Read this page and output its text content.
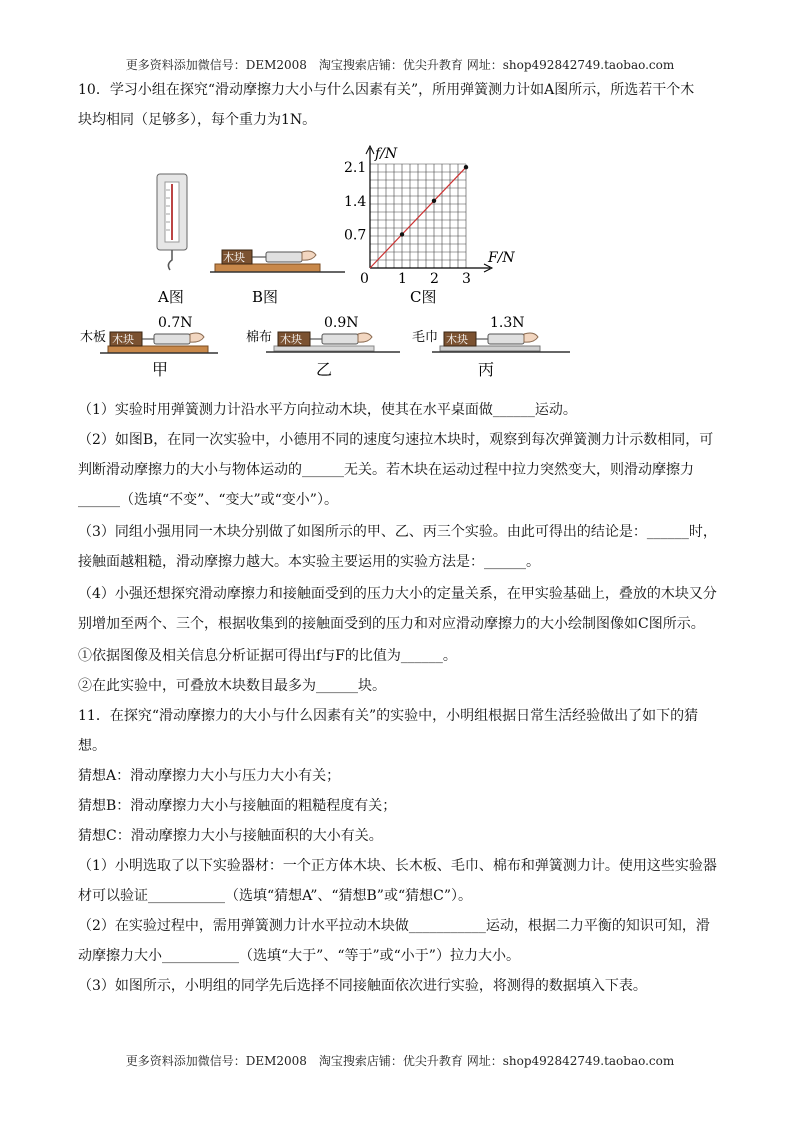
更多资料添加微信号：DEM2008　淘宝搜索店铺：优尖升教育 网址：shop492842749.taobao.com
10．学习小组在探究“滑动摩擦力大小与什么因素有关”，所用弹簧测力计如A图所示，所选若干个木
块均相同（足够多），每个重力为1N。
A图
木块
B图
1 2 3
0.7
1.4
2.1
f/N
F/N
0
C图
木板
0.7N
木块
甲
棉布
0.9N
木块
乙
毛巾
1.3N
木块
丙
（1）实验时用弹簧测力计沿水平方向拉动木块，使其在水平桌面做______运动。
（2）如图B，在同一次实验中，小德用不同的速度匀速拉木块时，观察到每次弹簧测力计示数相同，可
判断滑动摩擦力的大小与物体运动的______无关。若木块在运动过程中拉力突然变大，则滑动摩擦力
______（选填“不变”、“变大”或“变小”）。
（3）同组小强用同一木块分别做了如图所示的甲、乙、丙三个实验。由此可得出的结论是：______时，
接触面越粗糙，滑动摩擦力越大。本实验主要运用的实验方法是：______。
（4）小强还想探究滑动摩擦力和接触面受到的压力大小的定量关系，在甲实验基础上，叠放的木块又分
别增加至两个、三个，根据收集到的接触面受到的压力和对应滑动摩擦力的大小绘制图像如C图所示。
①依据图像及相关信息分析证据可得出f与F的比值为______。
②在此实验中，可叠放木块数目最多为______块。
11．在探究“滑动摩擦力的大小与什么因素有关”的实验中，小明组根据日常生活经验做出了如下的猜
想。
猜想A：滑动摩擦力大小与压力大小有关；
猜想B：滑动摩擦力大小与接触面的粗糙程度有关；
猜想C：滑动摩擦力大小与接触面积的大小有关。
（1）小明选取了以下实验器材：一个正方体木块、长木板、毛巾、棉布和弹簧测力计。使用这些实验器
材可以验证___________（选填“猜想A”、“猜想B”或“猜想C”）。
（2）在实验过程中，需用弹簧测力计水平拉动木块做___________运动，根据二力平衡的知识可知，滑
动摩擦力大小___________（选填“大于”、“等于”或“小于”）拉力大小。
（3）如图所示，小明组的同学先后选择不同接触面依次进行实验，将测得的数据填入下表。
更多资料添加微信号：DEM2008　淘宝搜索店铺：优尖升教育 网址：shop492842749.taobao.com
